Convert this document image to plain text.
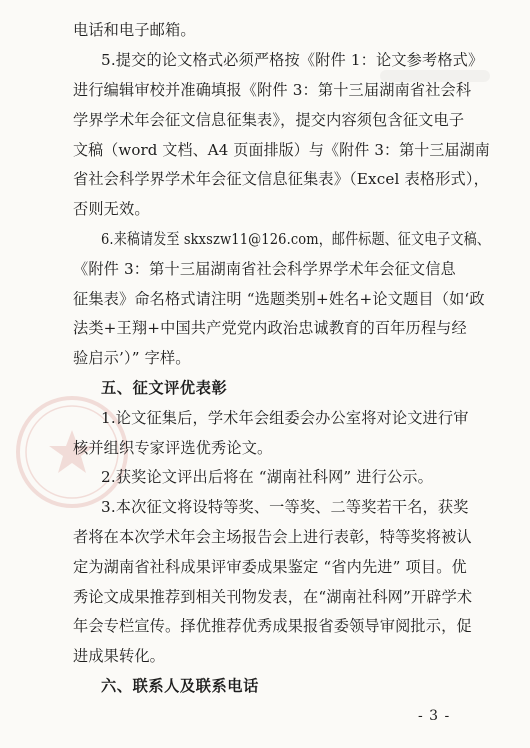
电话和电子邮箱。
5.提交的论文格式必须严格按《附件 1：论文参考格式》
进行编辑审校并准确填报《附件 3：第十三届湖南省社会科
学界学术年会征文信息征集表》，提交内容须包含征文电子
文稿（word 文档、A4 页面排版）与《附件 3：第十三届湖南
省社会科学界学术年会征文信息征集表》（Excel 表格形式），
否则无效。
6.来稿请发至 skxszw11@126.com，邮件标题、征文电子文稿、
《附件 3：第十三届湖南省社会科学界学术年会征文信息
征集表》命名格式请注明 “选题类别+姓名+论文题目（如‘政
法类+王翔+中国共产党党内政治忠诚教育的百年历程与经
验启示’）” 字样。
五、征文评优表彰
1.论文征集后，学术年会组委会办公室将对论文进行审
核并组织专家评选优秀论文。
2.获奖论文评出后将在 “湖南社科网” 进行公示。
3.本次征文将设特等奖、一等奖、二等奖若干名，获奖
者将在本次学术年会主场报告会上进行表彰，特等奖将被认
定为湖南省社科成果评审委成果鉴定 “省内先进” 项目。优
秀论文成果推荐到相关刊物发表，在“湖南社科网”开辟学术
年会专栏宣传。择优推荐优秀成果报省委领导审阅批示，促
进成果转化。
六、联系人及联系电话
- 3 -
